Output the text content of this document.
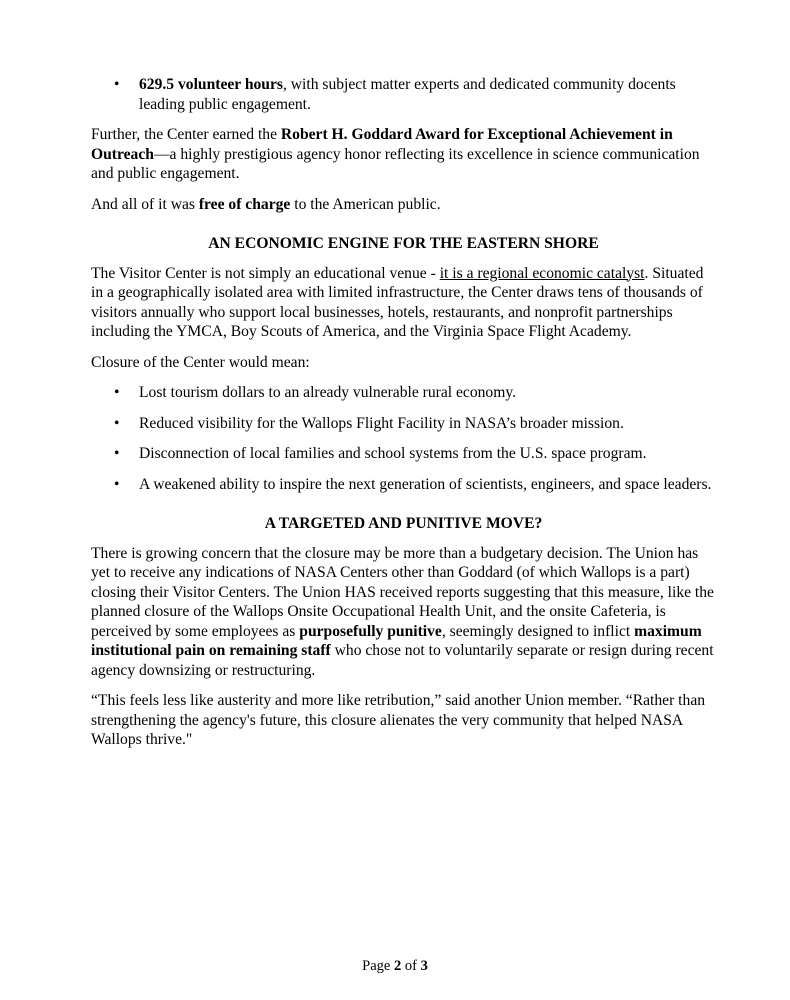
• 629.5 volunteer hours, with subject matter experts and dedicated community docents leading public engagement.

Further, the Center earned the Robert H. Goddard Award for Exceptional Achievement in Outreach—a highly prestigious agency honor reflecting its excellence in science communication and public engagement.

And all of it was free of charge to the American public.

AN ECONOMIC ENGINE FOR THE EASTERN SHORE

The Visitor Center is not simply an educational venue - it is a regional economic catalyst. Situated in a geographically isolated area with limited infrastructure, the Center draws tens of thousands of visitors annually who support local businesses, hotels, restaurants, and nonprofit partnerships including the YMCA, Boy Scouts of America, and the Virginia Space Flight Academy.

Closure of the Center would mean:

• Lost tourism dollars to an already vulnerable rural economy.
• Reduced visibility for the Wallops Flight Facility in NASA’s broader mission.
• Disconnection of local families and school systems from the U.S. space program.
• A weakened ability to inspire the next generation of scientists, engineers, and space leaders.
A TARGETED AND PUNITIVE MOVE?

There is growing concern that the closure may be more than a budgetary decision. The Union has yet to receive any indications of NASA Centers other than Goddard (of which Wallops is a part) closing their Visitor Centers. The Union HAS received reports suggesting that this measure, like the planned closure of the Wallops Onsite Occupational Health Unit, and the onsite Cafeteria, is perceived by some employees as purposefully punitive, seemingly designed to inflict maximum institutional pain on remaining staff who chose not to voluntarily separate or resign during recent agency downsizing or restructuring.

“This feels less like austerity and more like retribution,” said another Union member. “Rather than strengthening the agency's future, this closure alienates the very community that helped NASA Wallops thrive."

Page 2 of 3
